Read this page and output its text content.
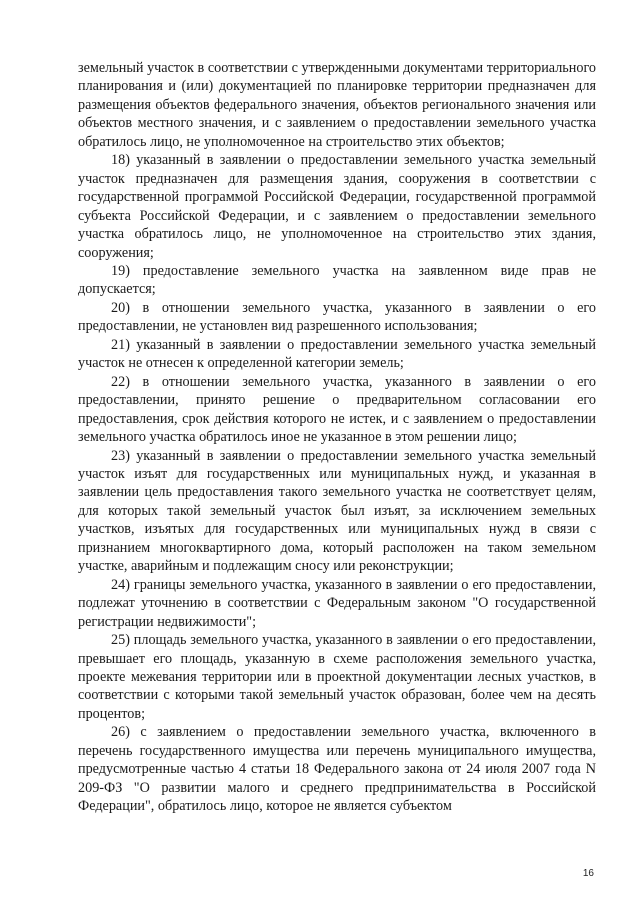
земельный участок в соответствии с утвержденными документами территориального планирования и (или) документацией по планировке территории предназначен для размещения объектов федерального значения, объектов регионального значения или объектов местного значения, и с заявлением о предоставлении земельного участка обратилось лицо, не уполномоченное на строительство этих объектов;

18) указанный в заявлении о предоставлении земельного участка земельный участок предназначен для размещения здания, сооружения в соответствии с государственной программой Российской Федерации, государственной программой субъекта Российской Федерации, и с заявлением о предоставлении земельного участка обратилось лицо, не уполномоченное на строительство этих здания, сооружения;

19) предоставление земельного участка на заявленном виде прав не допускается;

20) в отношении земельного участка, указанного в заявлении о его предоставлении, не установлен вид разрешенного использования;

21) указанный в заявлении о предоставлении земельного участка земельный участок не отнесен к определенной категории земель;

22) в отношении земельного участка, указанного в заявлении о его предоставлении, принято решение о предварительном согласовании его предоставления, срок действия которого не истек, и с заявлением о предоставлении земельного участка обратилось иное не указанное в этом решении лицо;

23) указанный в заявлении о предоставлении земельного участка земельный участок изъят для государственных или муниципальных нужд, и указанная в заявлении цель предоставления такого земельного участка не соответствует целям, для которых такой земельный участок был изъят, за исключением земельных участков, изъятых для государственных или муниципальных нужд в связи с признанием многоквартирного дома, который расположен на таком земельном участке, аварийным и подлежащим сносу или реконструкции;

24) границы земельного участка, указанного в заявлении о его предоставлении, подлежат уточнению в соответствии с Федеральным законом "О государственной регистрации недвижимости";

25) площадь земельного участка, указанного в заявлении о его предоставлении, превышает его площадь, указанную в схеме расположения земельного участка, проекте межевания территории или в проектной документации лесных участков, в соответствии с которыми такой земельный участок образован, более чем на десять процентов;

26) с заявлением о предоставлении земельного участка, включенного в перечень государственного имущества или перечень муниципального имущества, предусмотренные частью 4 статьи 18 Федерального закона от 24 июля 2007 года N 209-ФЗ "О развитии малого и среднего предпринимательства в Российской Федерации", обратилось лицо, которое не является субъектом

16
